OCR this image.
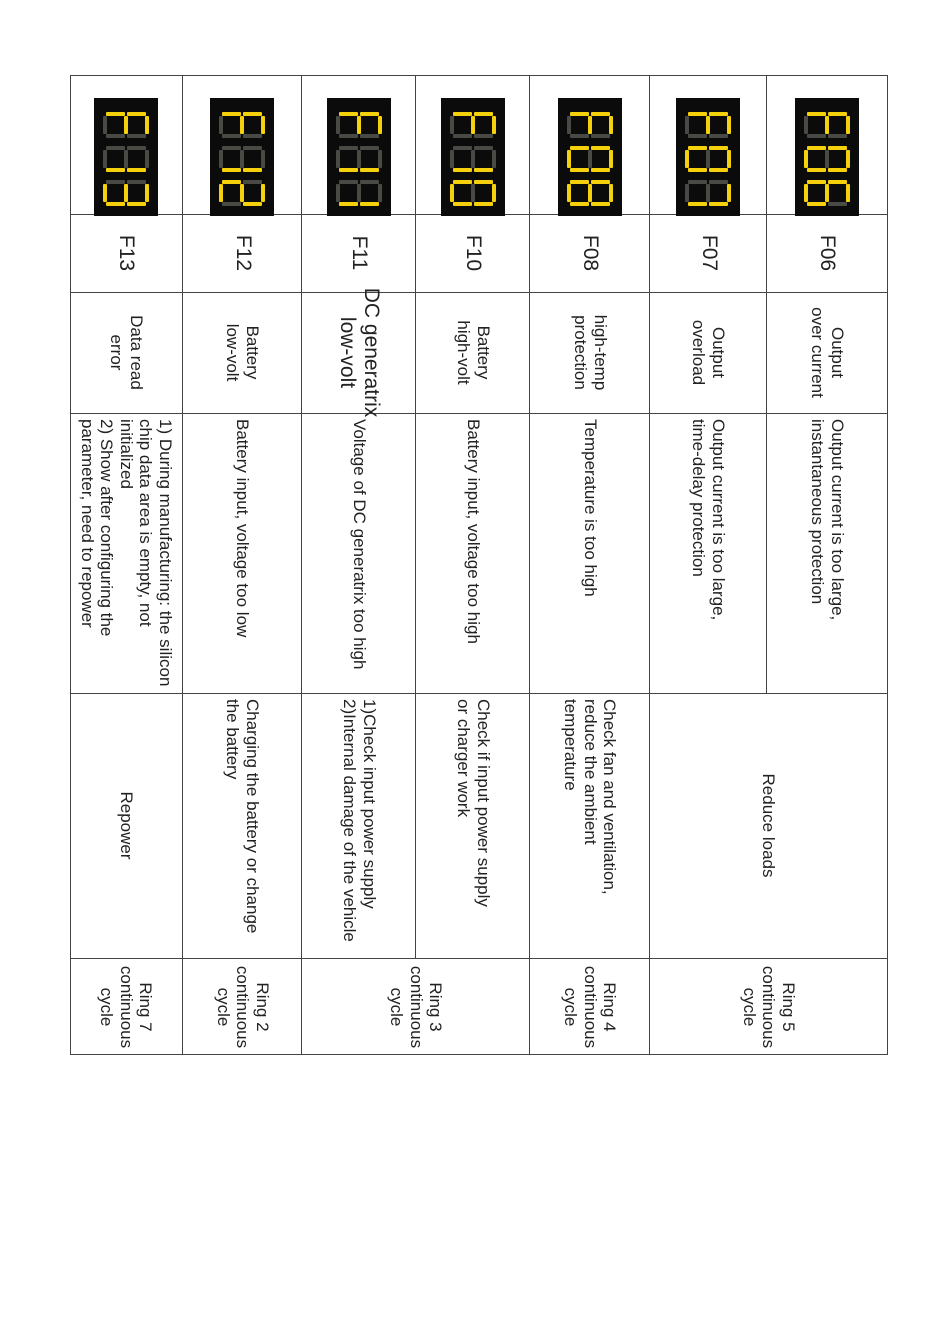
F06
Output
over current
Output current is too large,
instantaneous protection
F07
Output
overload
Output current is too large,
time-delay protection
F08
high-temp
protection
Temperature is too high
Check fan and ventilation,
reduce the ambient
temperature
Ring 4
continuous
cycle
F10
Battery
high-volt
Battery input, voltage too high
Check if input power supply
or charger work
F11
DC generatrix
low-volt
Voltage of DC generatrix too high
1)Check input power supply
2)Internal damage of the vehicle
F12
Battery
low-volt
Battery input, voltage too low
Charging the battery or change
the battery
Ring 2
continuous
cycle
F13
Data read
error
1) During manufacturing: the silicon
chip data area is empty, not
initialized
2) Show after configuring the
parameter, need to repower
Repower
Ring 7
continuous
cycle
Reduce loads
Ring 5
continuous
cycle
Ring 3
continuous
cycle
